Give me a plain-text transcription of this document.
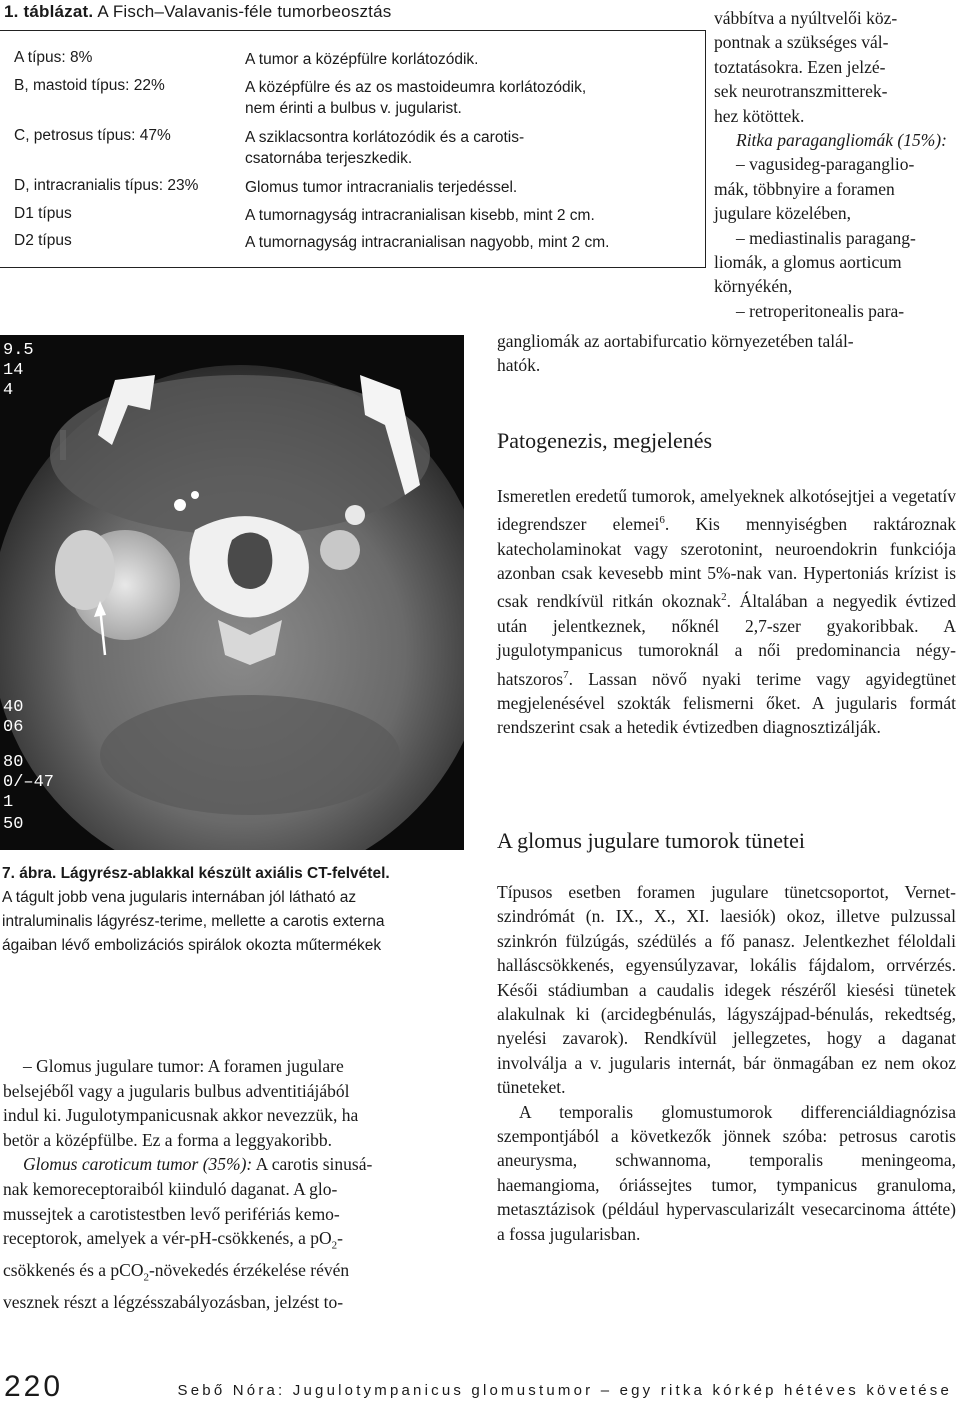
1. táblázat. A Fisch–Valavanis-féle tumorbeosztás
A típus: 8%	A tumor a középfülre korlátozódik.
B, mastoid típus: 22%	A középfülre és az os mastoideumra korlátozódik,
nem érinti a bulbus v. jugularist.
C, petrosus típus: 47%	A sziklacsontra korlátozódik és a carotis-
csatornába terjeszkedik.
D, intracranialis típus: 23%	Glomus tumor intracranialis terjedéssel.
D1 típus	A tumornagyság intracranialisan kisebb, mint 2 cm.
D2 típus	A tumornagyság intracranialisan nagyobb, mint 2 cm.
vábbítva a nyúltvelői köz-
pontnak a szükséges vál-
toztatásokra. Ezen jelzé-
sek neurotranszmitterek-
hez kötöttek.
Ritka paragangliomák (15%):
– vagusideg-paraganglio-
mák, többnyire a foramen
jugulare közelében,
– mediastinalis paragang-
liomák, a glomus aorticum
környékén,
– retroperitonealis para-
gangliomák az aortabifurcatio környezetében talál-
hatók.
9.5
14
4
40
06
80
0/–47
1
50
7. ábra. Lágyrész-ablakkal készült axiális CT-felvétel.
A tágult jobb vena jugularis internában jól látható az
intraluminalis lágyrész-terime, mellette a carotis externa
ágaiban lévő embolizációs spirálok okozta műtermékek
– Glomus jugulare tumor: A foramen jugulare
belsejéből vagy a jugularis bulbus adventitiájából
indul ki. Jugulotympanicusnak akkor nevezzük, ha
betör a középfülbe. Ez a forma a leggyakoribb.
Glomus caroticum tumor (35%): A carotis sinusá-
nak kemoreceptoraiból kiinduló daganat. A glo-
mussejtek a carotistestben levő perifériás kemo-
receptorok, amelyek a vér-pH-csökkenés, a $pO_2-$
csökkenés és a pCO$_2$-növekedés érzékelése révén
vesznek részt a légzésszabályozásban, jelzést to-
Patogenezis, megjelenés
Ismeretlen eredetű tumorok, amelyeknek alkotósejtjei a vegetatív idegrendszer elemei$^6$. Kis mennyiségben raktároznak katecholaminokat vagy szerotonint, neuroendokrin funkciója azonban csak kevesebb mint 5%-nak van. Hypertoniás krízist is csak rendkívül ritkán okoznak$^2$. Általában a negyedik évtized után jelentkeznek, nőknél 2,7-szer gyakoribbak. A jugulotympanicus tumoroknál a női predominancia négy-hatszoros$^7$. Lassan növő nyaki terime vagy agyidegtünet megjelenésével szokták felismerni őket. A jugularis formát rendszerint csak a hetedik évtizedben diagnosztizálják.
A glomus jugulare tumorok tünetei
Típusos esetben foramen jugulare tünetcsoportot, Vernet-szindrómát (n. IX., X., XI. laesiók) okoz, illetve pulzussal szinkrón fülzúgás, szédülés a fő panasz. Jelentkezhet féloldali halláscsökkenés, egyensúlyzavar, lokális fájdalom, orrvérzés. Késői stádiumban a caudalis idegek részéről kiesési tünetek alakulnak ki (arcidegbénulás, lágyszájpad-bénulás, rekedtség, nyelési zavarok). Rendkívül jellegzetes, hogy a daganat involválja a v. jugularis internát, bár önmagában ez nem okoz tüneteket.
A temporalis glomustumorok differenciáldiagnózisa szempontjából a következők jönnek szóba: petrosus carotis aneurysma, schwannoma, temporalis meningeoma, haemangioma, óriássejtes tumor, tympanicus granuloma, metasztázisok (például hypervascularizált vesecarcinoma áttéte) a fossa jugularisban.
220	Sebő Nóra: Jugulotympanicus glomustumor – egy ritka kórkép hétéves követése
